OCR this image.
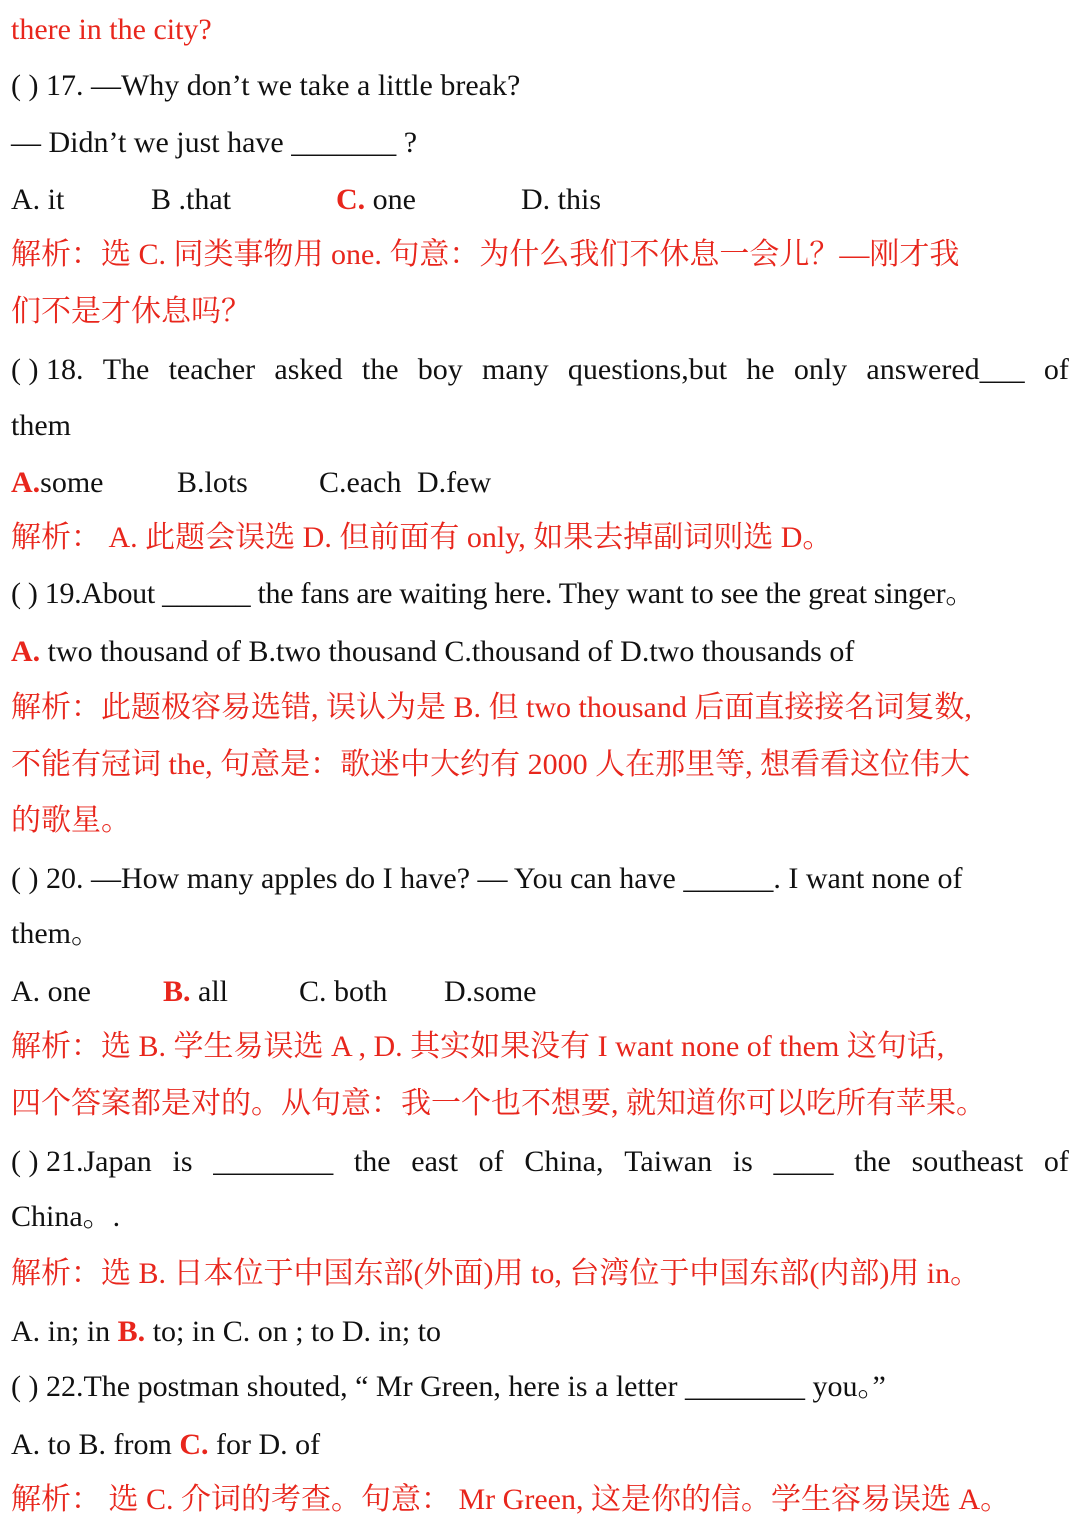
there in the city?
( ) 17. —Why don’t we take a little break?
— Didn’t we just have _______ ?
A. it	B .that	C. one	D. this
解析：选 C. 同类事物用 one. 句意：为什么我们不休息一会儿？—刚才我
们不是才休息吗？
( ) 18. The teacher asked the boy many questions,but he only answered___ of
them
A.some B.lots C.each D.few
解析： A. 此题会误选 D. 但前面有 only, 如果去掉副词则选 D。
( ) 19.About ______ the fans are waiting here. They want to see the great singer。
A. two thousand of B.two thousand C.thousand of D.two thousands of
解析：此题极容易选错, 误认为是 B. 但 two thousand 后面直接接名词复数,
不能有冠词 the, 句意是：歌迷中大约有 2000 人在那里等, 想看看这位伟大
的歌星。
( ) 20. —How many apples do I have? — You can have ______. I want none of
them。
A. one B. all C. both D.some
解析：选 B. 学生易误选 A , D. 其实如果没有 I want none of them 这句话,
四个答案都是对的。从句意：我一个也不想要, 就知道你可以吃所有苹果。
( ) 21.Japan is ________ the east of China, Taiwan is ____ the southeast of
China。.
解析：选 B. 日本位于中国东部(外面)用 to, 台湾位于中国东部(内部)用 in。
A. in; in B. to; in C. on ; to D. in; to
( ) 22.The postman shouted, “ Mr Green, here is a letter ________ you。”
A. to B. from C. for D. of
解析： 选 C. 介词的考查。句意： Mr Green, 这是你的信。学生容易误选 A。
